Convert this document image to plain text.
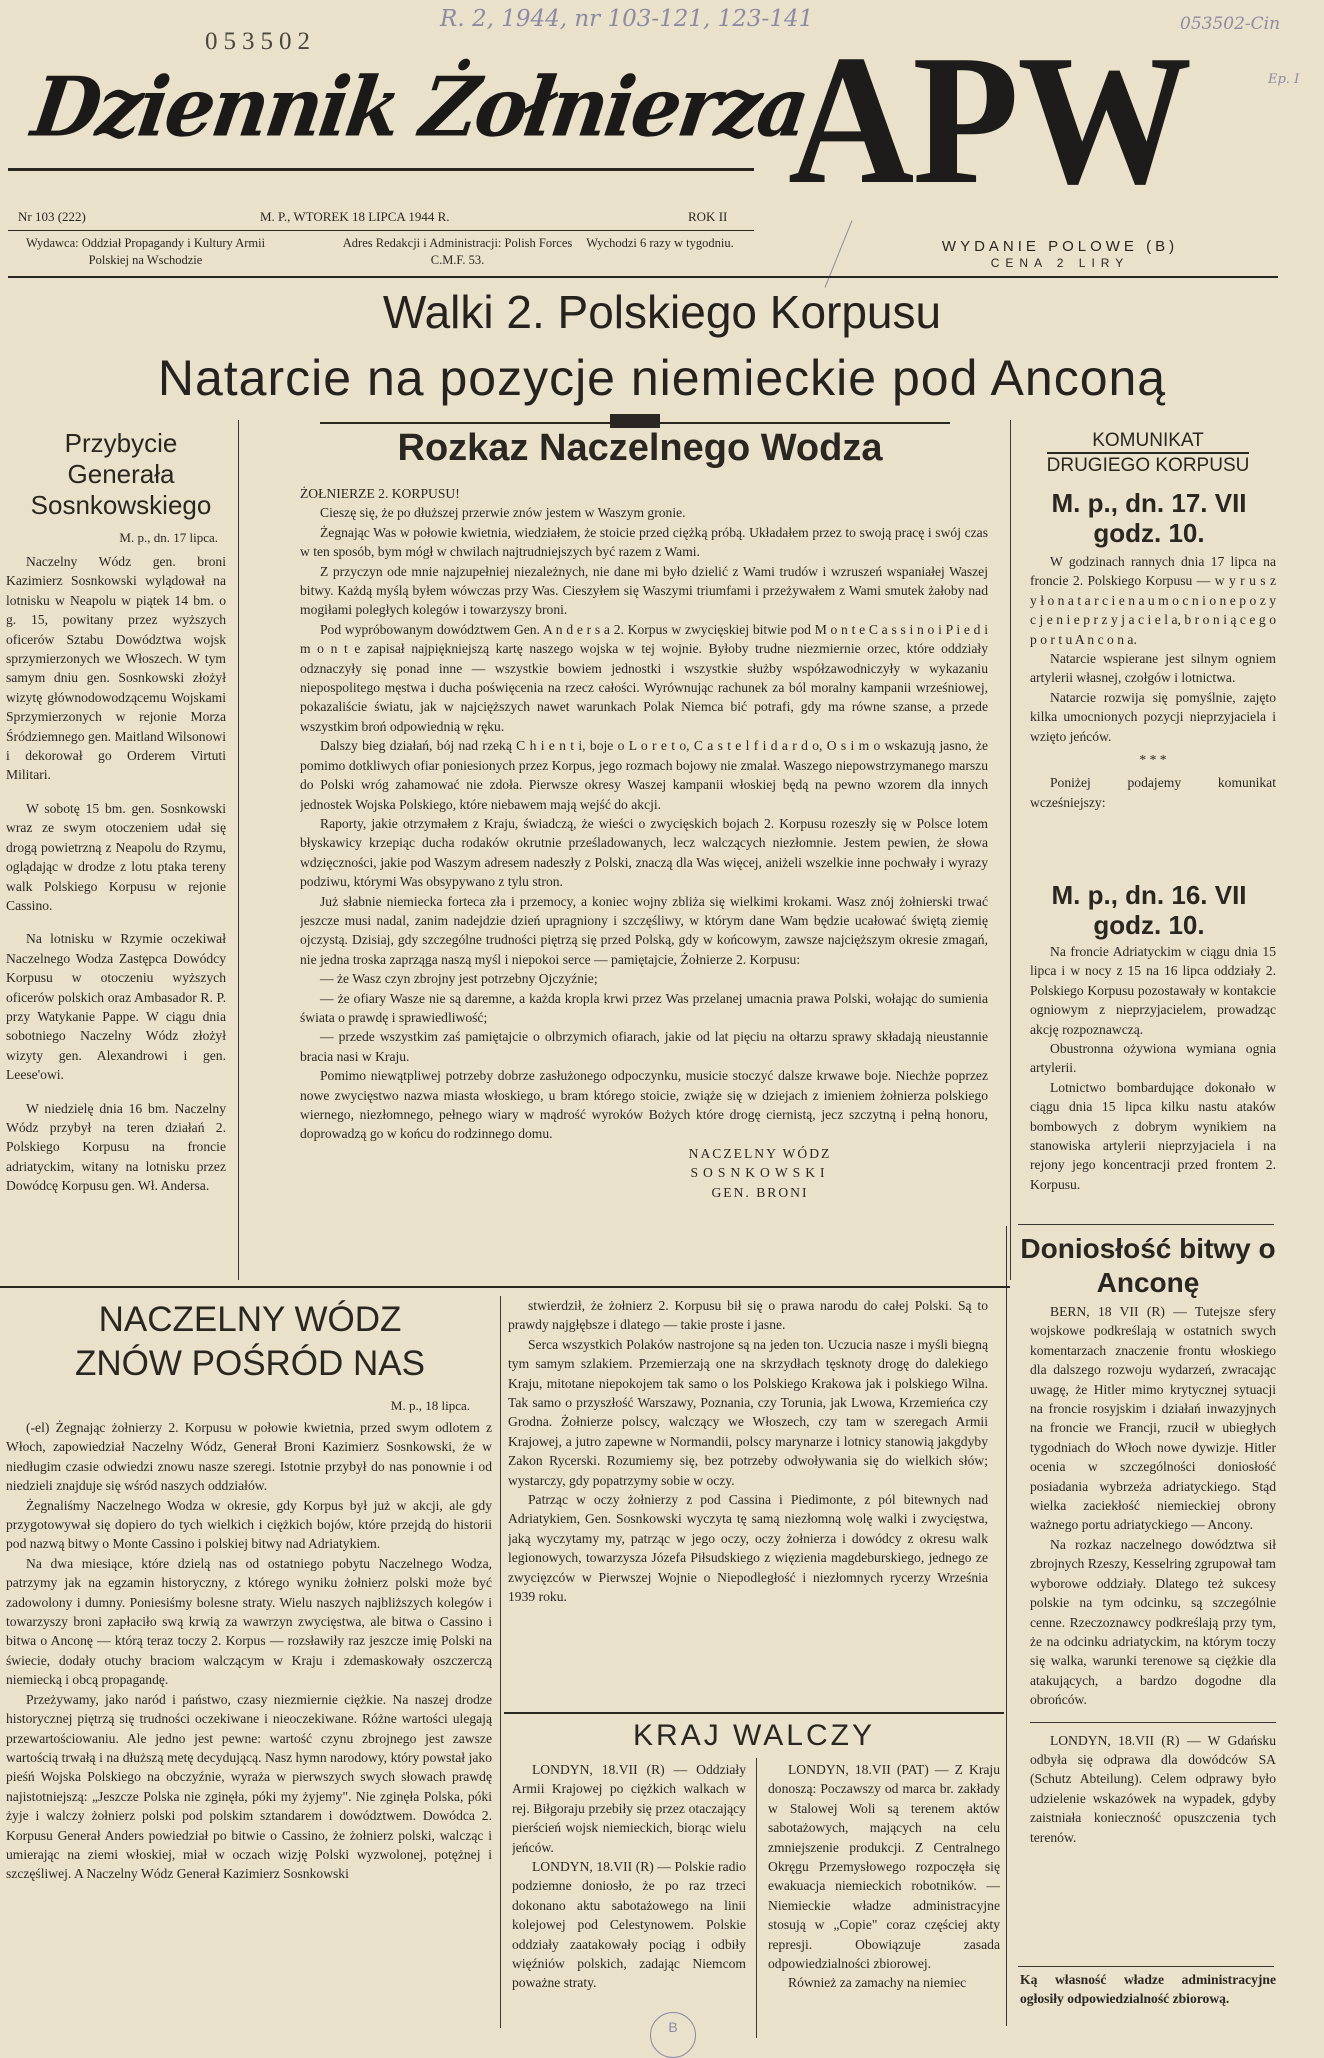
053502
R. 2, 1944, nr 103-121, 123-141	053502-Cin
Ep. I
Dziennik Żołnierza
APW
Nr 103 (222)	M. P., WTOREK 18 LIPCA 1944 R.	ROK II
Wydawca: Oddział Propagandy i Kultury Armii Polskiej na Wschodzie
Adres Redakcji i Administracji: Polish Forces C.M.F. 53.
Wychodzi 6 razy w tygodniu.	WYDANIE POLOWE (B)
CENA 2 LIRY
Walki 2. Polskiego Korpusu
Natarcie na pozycje niemieckie pod Anconą
Przybycie Generała Sosnkowskiego
M. p., dn. 17 lipca.

Naczelny Wódz gen. broni Kazimierz Sosnkowski wylądował na lotnisku w Neapolu w piątek 14 bm. o g. 15, powitany przez wyższych oficerów Sztabu Dowództwa wojsk sprzymierzonych we Włoszech. W tym samym dniu gen. Sosnkowski złożył wizytę głównodowodzącemu Wojskami Sprzymierzonych w rejonie Morza Śródziemnego gen. Maitland Wilsonowi i dekorował go Orderem Virtuti Militari.

W sobotę 15 bm. gen. Sosnkowski wraz ze swym otoczeniem udał się drogą powietrzną z Neapolu do Rzymu, oglądając w drodze z lotu ptaka tereny walk Polskiego Korpusu w rejonie Cassino.

Na lotnisku w Rzymie oczekiwał Naczelnego Wodza Zastępca Dowódcy Korpusu w otoczeniu wyższych oficerów polskich oraz Ambasador R. P. przy Watykanie Pappe. W ciągu dnia sobotniego Naczelny Wódz złożył wizyty gen. Alexandrowi i gen. Leese'owi.

W niedzielę dnia 16 bm. Naczelny Wódz przybył na teren działań 2. Polskiego Korpusu na froncie adriatyckim, witany na lotnisku przez Dowódcę Korpusu gen. Wł. Andersa.

Rozkaz Naczelnego Wodza
ŻOŁNIERZE 2. KORPUSU!

Cieszę się, że po dłuższej przerwie znów jestem w Waszym gronie.

Żegnając Was w połowie kwietnia, wiedziałem, że stoicie przed ciężką próbą. Układałem przez to swoją pracę i swój czas w ten sposób, bym mógł w chwilach najtrudniejszych być razem z Wami.

Z przyczyn ode mnie najzupełniej niezależnych, nie dane mi było dzielić z Wami trudów i wzruszeń wspaniałej Waszej bitwy. Każdą myślą byłem wówczas przy Was. Cieszyłem się Waszymi triumfami i przeżywałem z Wami smutek żałoby nad mogiłami poległych kolegów i towarzyszy broni.

Pod wypróbowanym dowództwem Gen. A n d e r s a 2. Korpus w zwycięskiej bitwie pod M o n t e C a s s i n o i P i e d i m o n t e zapisał najpiękniejszą kartę naszego wojska w tej wojnie. Byłoby trudne niezmiernie orzec, które oddziały odznaczyły się ponad inne — wszystkie bowiem jednostki i wszystkie służby współzawodniczyły w wykazaniu niepospolitego męstwa i ducha poświęcenia na rzecz całości. Wyrównując rachunek za ból moralny kampanii wrześniowej, pokazaliście światu, jak w najcięższych nawet warunkach Polak Niemca bić potrafi, gdy ma równe szanse, a przede wszystkim broń odpowiednią w ręku.

Dalszy bieg działań, bój nad rzeką C h i e n t i, boje o L o r e t o, C a s t e l f i d a r d o, O s i m o wskazują jasno, że pomimo dotkliwych ofiar poniesionych przez Korpus, jego rozmach bojowy nie zmalał. Waszego niepowstrzymanego marszu do Polski wróg zahamować nie zdoła. Pierwsze okresy Waszej kampanii włoskiej będą na pewno wzorem dla innych jednostek Wojska Polskiego, które niebawem mają wejść do akcji.

Raporty, jakie otrzymałem z Kraju, świadczą, że wieści o zwycięskich bojach 2. Korpusu rozeszły się w Polsce lotem błyskawicy krzepiąc ducha rodaków okrutnie prześladowanych, lecz walczących niezłomnie. Jestem pewien, że słowa wdzięczności, jakie pod Waszym adresem nadeszły z Polski, znaczą dla Was więcej, aniżeli wszelkie inne pochwały i wyrazy podziwu, którymi Was obsypywano z tylu stron.

Już słabnie niemiecka forteca zła i przemocy, a koniec wojny zbliża się wielkimi krokami. Wasz znój żołnierski trwać jeszcze musi nadal, zanim nadejdzie dzień upragniony i szczęśliwy, w którym dane Wam będzie ucałować świętą ziemię ojczystą. Dzisiaj, gdy szczególne trudności piętrzą się przed Polską, gdy w końcowym, zawsze najcięższym okresie zmagań, nie jedna troska zaprząga naszą myśl i niepokoi serce — pamiętajcie, Żołnierze 2. Korpusu:

— że Wasz czyn zbrojny jest potrzebny Ojczyźnie;

— że ofiary Wasze nie są daremne, a każda kropla krwi przez Was przelanej umacnia prawa Polski, wołając do sumienia świata o prawdę i sprawiedliwość;

— przede wszystkim zaś pamiętajcie o olbrzymich ofiarach, jakie od lat pięciu na ołtarzu sprawy składają nieustannie bracia nasi w Kraju.

Pomimo niewątpliwej potrzeby dobrze zasłużonego odpoczynku, musicie stoczyć dalsze krwawe boje. Niechże poprzez nowe zwycięstwo nazwa miasta włoskiego, u bram którego stoicie, zwiąże się w dziejach z imieniem żołnierza polskiego wiernego, niezłomnego, pełnego wiary w mądrość wyroków Bożych które drogę ciernistą, jecz szczytną i pełną honoru, doprowadzą go w końcu do rodzinnego domu.

NACZELNY WÓDZ
SOSNKOWSKI
GEN. BRONI
KOMUNIKAT
DRUGIEGO KORPUSU
M. p., dn. 17. VII
godz. 10.

W godzinach rannych dnia 17 lipca na froncie 2. Polskiego Korpusu — w y r u s z y ł o n a t a r c i e n a u m o c n i o n e p o z y c j e n i e p r z y j a c i e l a, b r o n i ą c e g o p o r t u A n c o n a.

Natarcie wspierane jest silnym ogniem artylerii własnej, czołgów i lotnictwa.

Natarcie rozwija się pomyślnie, zajęto kilka umocnionych pozycji nieprzyjaciela i wzięto jeńców.

* * *

Poniżej podajemy komunikat wcześniejszy:

M. p., dn. 16. VII
godz. 10.

Na froncie Adriatyckim w ciągu dnia 15 lipca i w nocy z 15 na 16 lipca oddziały 2. Polskiego Korpusu pozostawały w kontakcie ogniowym z nieprzyjacielem, prowadząc akcję rozpoznawczą.

Obustronna ożywiona wymiana ognia artylerii.

Lotnictwo bombardujące dokonało w ciągu dnia 15 lipca kilku nastu ataków bombowych z dobrym wynikiem na stanowiska artylerii nieprzyjaciela i na rejony jego koncentracji przed frontem 2. Korpusu.

Doniosłość bitwy o Anconę

BERN, 18 VII (R) — Tutejsze sfery wojskowe podkreślają w ostatnich swych komentarzach znaczenie frontu włoskiego dla dalszego rozwoju wydarzeń, zwracając uwagę, że Hitler mimo krytycznej sytuacji na froncie rosyjskim i działań inwazyjnych na froncie we Francji, rzucił w ubiegłych tygodniach do Włoch nowe dywizje. Hitler ocenia w szczególności doniosłość posiadania wybrzeża adriatyckiego. Stąd wielka zaciekłość niemieckiej obrony ważnego portu adriatyckiego — Ancony.

Na rozkaz naczelnego dowództwa sił zbrojnych Rzeszy, Kesselring zgrupował tam wyborowe oddziały. Dlatego też sukcesy polskie na tym odcinku, są szczególnie cenne. Rzeczoznawcy podkreślają przy tym, że na odcinku adriatyckim, na którym toczy się walka, warunki terenowe są ciężkie dla atakujących, a bardzo dogodne dla obrońców.

LONDYN, 18.VII (R) — W Gdańsku odbyła się odprawa dla dowódców SA (Schutz Abteilung). Celem odprawy było udzielenie wskazówek na wypadek, gdyby zaistniała konieczność opuszczenia tych terenów.

Ką własność władze administracyjne ogłosiły odpowiedzialność zbiorową.
NACZELNY WÓDZ
ZNÓW POŚRÓD NAS
M. p., 18 lipca.

(-el) Żegnając żołnierzy 2. Korpusu w połowie kwietnia, przed swym odlotem z Włoch, zapowiedział Naczelny Wódz, Generał Broni Kazimierz Sosnkowski, że w niedługim czasie odwiedzi znowu nasze szeregi. Istotnie przybył do nas ponownie i od niedzieli znajduje się wśród naszych oddziałów.

Żegnaliśmy Naczelnego Wodza w okresie, gdy Korpus był już w akcji, ale gdy przygotowywał się dopiero do tych wielkich i ciężkich bojów, które przejdą do historii pod nazwą bitwy o Monte Cassino i polskiej bitwy nad Adriatykiem.

Na dwa miesiące, które dzielą nas od ostatniego pobytu Naczelnego Wodza, patrzymy jak na egzamin historyczny, z którego wyniku żołnierz polski może być zadowolony i dumny. Poniesiśmy bolesne straty. Wielu naszych najbliższych kolegów i towarzyszy broni zapłaciło swą krwią za wawrzyn zwycięstwa, ale bitwa o Cassino i bitwa o Anconę — którą teraz toczy 2. Korpus — rozsławiły raz jeszcze imię Polski na świecie, dodały otuchy braciom walczącym w Kraju i zdemaskowały oszczerczą niemiecką i obcą propagandę.

Przeżywamy, jako naród i państwo, czasy niezmiernie ciężkie. Na naszej drodze historycznej piętrzą się trudności oczekiwane i nieoczekiwane. Różne wartości ulegają przewartościowaniu. Ale jedno jest pewne: wartość czynu zbrojnego jest zawsze wartością trwałą i na dłuższą metę decydującą. Nasz hymn narodowy, który powstał jako pieśń Wojska Polskiego na obczyźnie, wyraża w pierwszych swych słowach prawdę najistotniejszą: „Jeszcze Polska nie zginęła, póki my żyjemy". Nie zginęła Polska, póki żyje i walczy żołnierz polski pod polskim sztandarem i dowództwem. Dowódca 2. Korpusu Generał Anders powiedział po bitwie o Cassino, że żołnierz polski, walcząc i umierając na ziemi włoskiej, miał w oczach wizję Polski wyzwolonej, potężnej i szczęśliwej. A Naczelny Wódz Generał Kazimierz Sosnkowski

stwierdził, że żołnierz 2. Korpusu bił się o prawa narodu do całej Polski. Są to prawdy najgłębsze i dlatego — takie proste i jasne.

Serca wszystkich Polaków nastrojone są na jeden ton. Uczucia nasze i myśli biegną tym samym szlakiem. Przemierzają one na skrzydłach tęsknoty drogę do dalekiego Kraju, mitotane niepokojem tak samo o los Polskiego Krakowa jak i polskiego Wilna. Tak samo o przyszłość Warszawy, Poznania, czy Torunia, jak Lwowa, Krzemieńca czy Grodna. Żołnierze polscy, walczący we Włoszech, czy tam w szeregach Armii Krajowej, a jutro zapewne w Normandii, polscy marynarze i lotnicy stanowią jakgdyby Zakon Rycerski. Rozumiemy się, bez potrzeby odwoływania się do wielkich słów; wystarczy, gdy popatrzymy sobie w oczy.

Patrząc w oczy żołnierzy z pod Cassina i Piedimonte, z pól bitewnych nad Adriatykiem, Gen. Sosnkowski wyczyta tę samą niezłomną wolę walki i zwycięstwa, jaką wyczytamy my, patrząc w jego oczy, oczy żołnierza i dowódcy z okresu walk legionowych, towarzysza Józefa Piłsudskiego z więzienia magdeburskiego, jednego ze zwycięzców w Pierwszej Wojnie o Niepodległość i niezłomnych rycerzy Września 1939 roku.

KRAJ WALCZY

LONDYN, 18.VII (R) — Oddziały Armii Krajowej po ciężkich walkach w rej. Biłgoraju przebiły się przez otaczający pierścień wojsk niemieckich, biorąc wielu jeńców.

LONDYN, 18.VII (R) — Polskie radio podziemne doniosło, że po raz trzeci dokonano aktu sabotażowego na linii kolejowej pod Celestynowem. Polskie oddziały zaatakowały pociąg i odbiły więźniów polskich, zadając Niemcom poważne straty.

LONDYN, 18.VII (PAT) — Z Kraju donoszą: Poczawszy od marca br. zakłady w Stalowej Woli są terenem aktów sabotażowych, mających na celu zmniejszenie produkcji. Z Centralnego Okręgu Przemysłowego rozpoczęła się ewakuacja niemieckich robotników. — Niemieckie władze administracyjne stosują w „Copie" coraz częściej akty represji. Obowiązuje zasada odpowiedzialności zbiorowej.

Również za zamachy na niemiec

B
